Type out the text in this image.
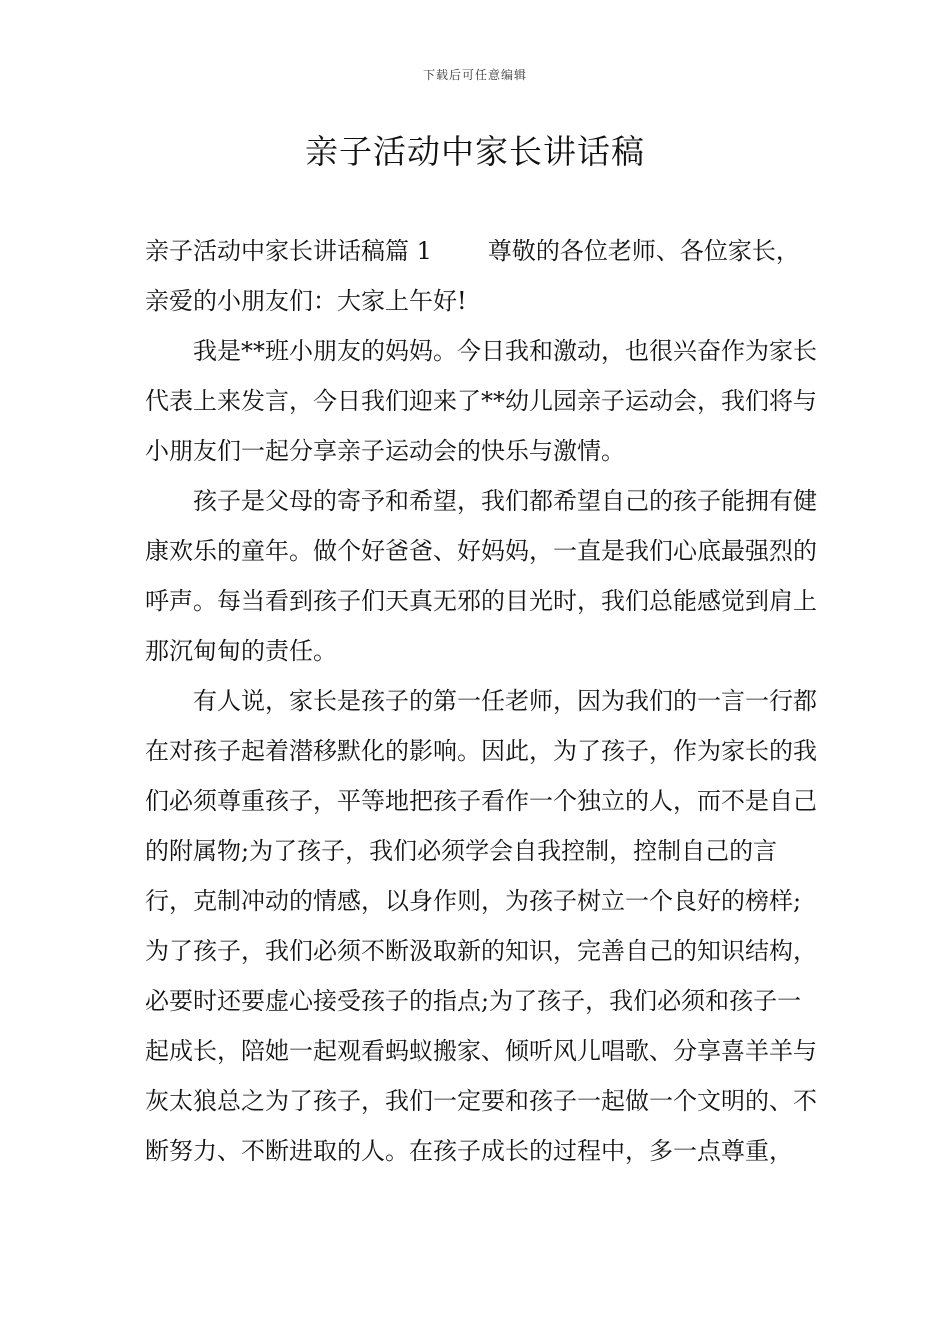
下载后可任意编辑
亲子活动中家长讲话稿

亲子活动中家长讲话稿篇 1 尊敬的各位老师、各位家长，亲爱的小朋友们：大家上午好!

我是**班小朋友的妈妈。今日我和激动，也很兴奋作为家长代表上来发言，今日我们迎来了**幼儿园亲子运动会，我们将与小朋友们一起分享亲子运动会的快乐与激情。

孩子是父母的寄予和希望，我们都希望自己的孩子能拥有健康欢乐的童年。做个好爸爸、好妈妈，一直是我们心底最强烈的呼声。每当看到孩子们天真无邪的目光时，我们总能感觉到肩上那沉甸甸的责任。

有人说，家长是孩子的第一任老师，因为我们的一言一行都在对孩子起着潜移默化的影响。因此，为了孩子，作为家长的我们必须尊重孩子，平等地把孩子看作一个独立的人，而不是自己的附属物;为了孩子，我们必须学会自我控制，控制自己的言行，克制冲动的情感，以身作则，为孩子树立一个良好的榜样;为了孩子，我们必须不断汲取新的知识，完善自己的知识结构，必要时还要虚心接受孩子的指点;为了孩子，我们必须和孩子一起成长，陪她一起观看蚂蚁搬家、倾听风儿唱歌、分享喜羊羊与灰太狼总之为了孩子，我们一定要和孩子一起做一个文明的、不断努力、不断进取的人。在孩子成长的过程中，多一点尊重，
